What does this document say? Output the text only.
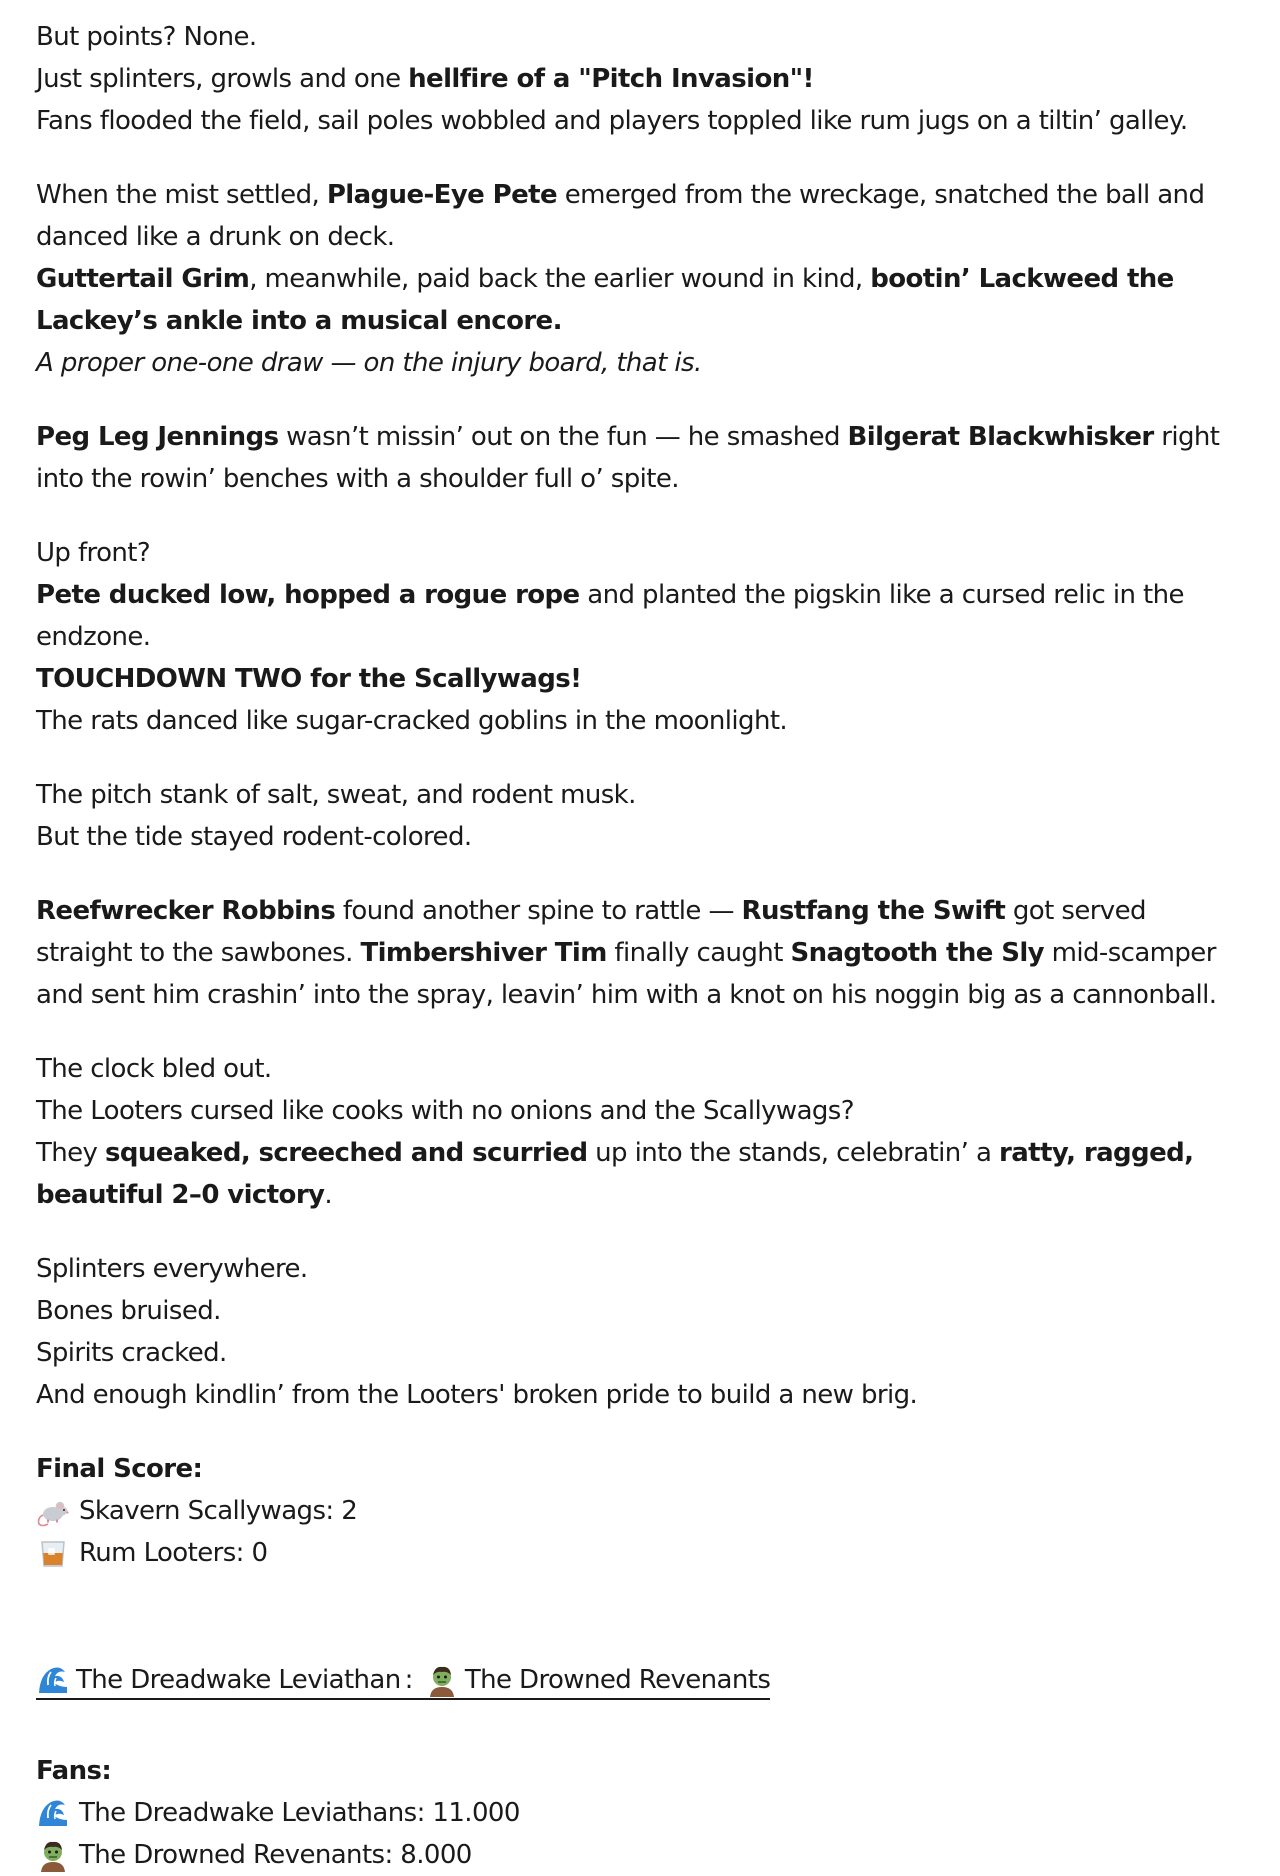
But points? None.
Just splinters, growls and one hellfire of a "Pitch Invasion"!
Fans flooded the field, sail poles wobbled and players toppled like rum jugs on a tiltin’ galley.
When the mist settled, Plague-Eye Pete emerged from the wreckage, snatched the ball and danced like a drunk on deck.
Guttertail Grim, meanwhile, paid back the earlier wound in kind, bootin’ Lackweed the Lackey’s ankle into a musical encore.
A proper one-one draw — on the injury board, that is.
Peg Leg Jennings wasn’t missin’ out on the fun — he smashed Bilgerat Blackwhisker right into the rowin’ benches with a shoulder full o’ spite.
Up front?
Pete ducked low, hopped a rogue rope and planted the pigskin like a cursed relic in the endzone.
TOUCHDOWN TWO for the Scallywags!
The rats danced like sugar-cracked goblins in the moonlight.
The pitch stank of salt, sweat, and rodent musk.
But the tide stayed rodent-colored.
Reefwrecker Robbins found another spine to rattle — Rustfang the Swift got served straight to the sawbones. Timbershiver Tim finally caught Snagtooth the Sly mid-scamper and sent him crashin’ into the spray, leavin’ him with a knot on his noggin big as a cannonball.
The clock bled out.
The Looters cursed like cooks with no onions and the Scallywags?
They squeaked, screeched and scurried up into the stands, celebratin’ a ratty, ragged, beautiful 2–0 victory.
Splinters everywhere.
Bones bruised.
Spirits cracked.
And enough kindlin’ from the Looters' broken pride to build a new brig.
Final Score:
Skavern Scallywags: 2
Rum Looters: 0
The Dreadwake Leviathan : The Drowned Revenants
Fans:
The Dreadwake Leviathans: 11.000
The Drowned Revenants: 8.000
